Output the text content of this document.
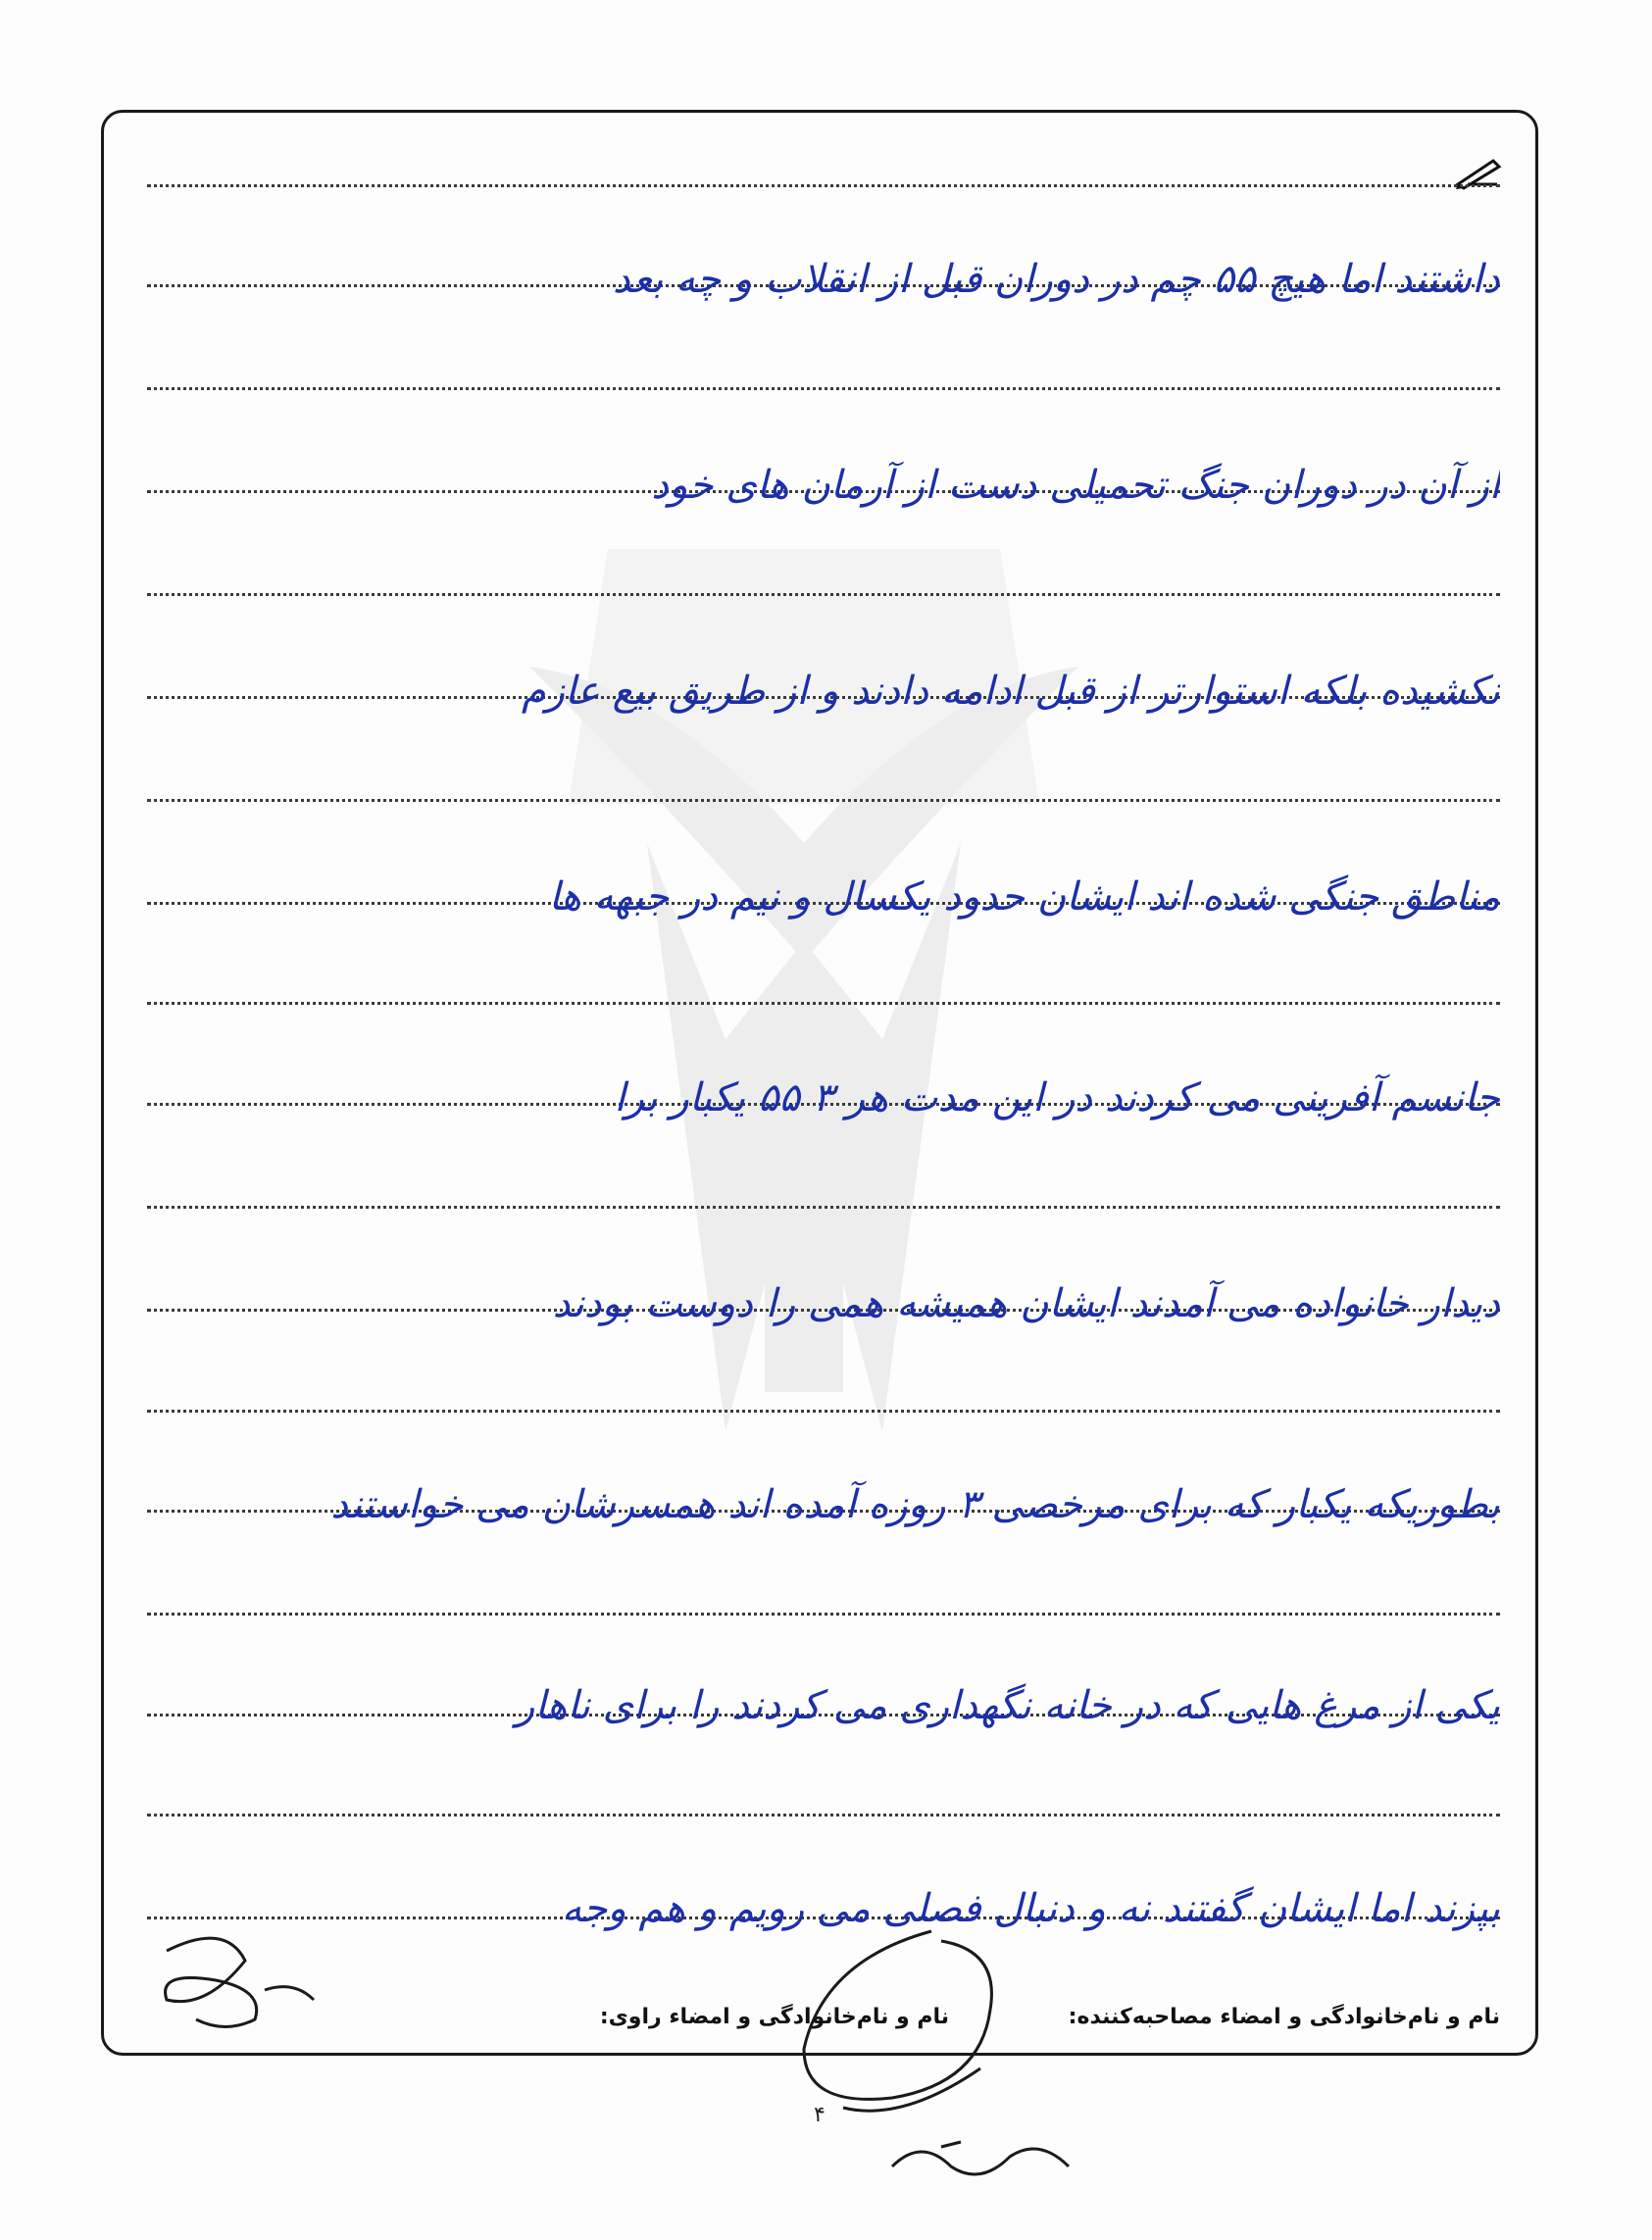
داشتند اما هیچ ۵۵ چم در دوران قبل از انقلاب و چه بعد
از آن در دوران جنگ تحمیلی دست از آرمان های خود
نکشیده بلکه استوارتر از قبل ادامه دادند و از طریق بیع عازم
مناطق جنگی شده اند ایشان حدود یکسال و نیم در جبهه ها
جانسم آفرینی می کردند در این مدت هر ۳ ۵۵ یکبار برا
دیدار خانواده می آمدند ایشان همیشه همی را دوست بودند
بطوریکه یکبار که برای مرخصی ۳ روزه آمده اند همسرشان می خواستند
یکی از مرغ هایی که در خانه نگهداری می کردند را برای ناهار
بپزند اما ایشان گفتند نه و دنبال فصلی می رویم و هم وجه
نام و نام‌خانوادگی و امضاء مصاحبه‌کننده:
نام و نام‌خانوادگی و امضاء راوی:
۴
